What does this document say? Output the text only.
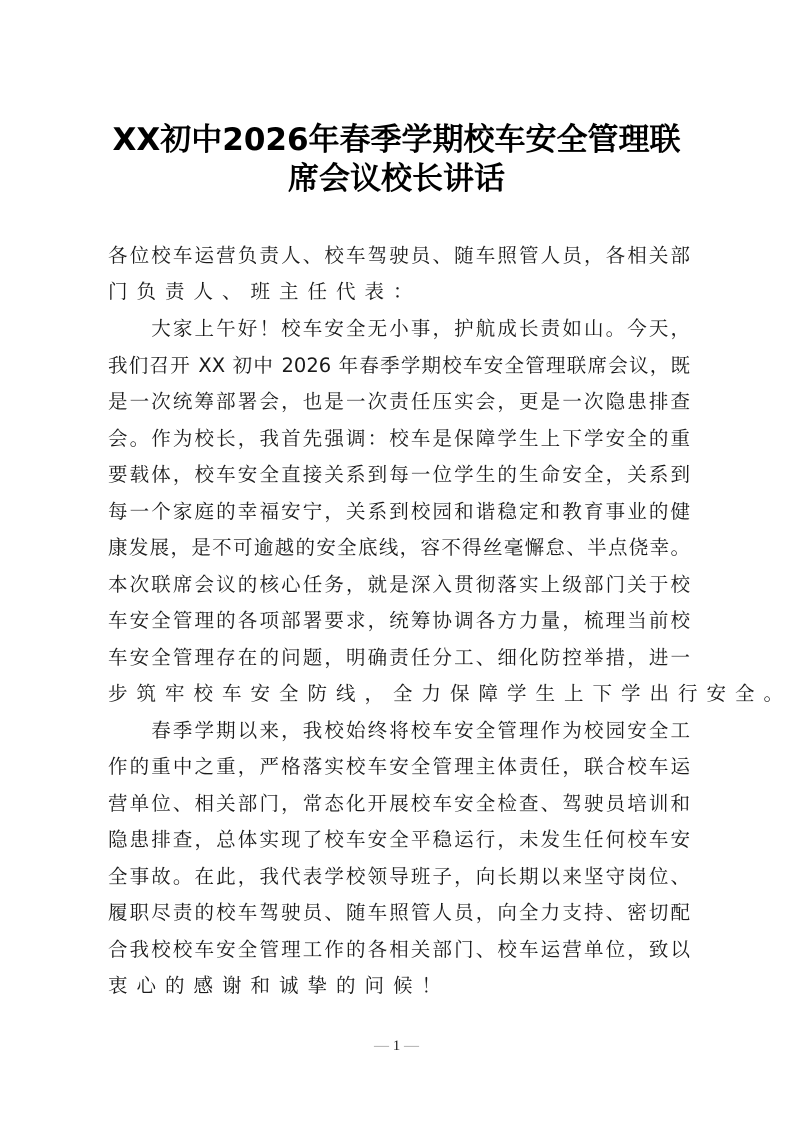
XX初中2026年春季学期校车安全管理联
席会议校长讲话
各位校车运营负责人、校车驾驶员、随车照管人员，各相关部
门负责人、班主任代表：
　　大家上午好！校车安全无小事，护航成长责如山。今天，
我们召开 XX 初中 2026 年春季学期校车安全管理联席会议，既
是一次统筹部署会，也是一次责任压实会，更是一次隐患排查
会。作为校长，我首先强调：校车是保障学生上下学安全的重
要载体，校车安全直接关系到每一位学生的生命安全，关系到
每一个家庭的幸福安宁，关系到校园和谐稳定和教育事业的健
康发展，是不可逾越的安全底线，容不得丝毫懈怠、半点侥幸。
本次联席会议的核心任务，就是深入贯彻落实上级部门关于校
车安全管理的各项部署要求，统筹协调各方力量，梳理当前校
车安全管理存在的问题，明确责任分工、细化防控举措，进一
步筑牢校车安全防线，全力保障学生上下学出行安全。
　　春季学期以来，我校始终将校车安全管理作为校园安全工
作的重中之重，严格落实校车安全管理主体责任，联合校车运
营单位、相关部门，常态化开展校车安全检查、驾驶员培训和
隐患排查，总体实现了校车安全平稳运行，未发生任何校车安
全事故。在此，我代表学校领导班子，向长期以来坚守岗位、
履职尽责的校车驾驶员、随车照管人员，向全力支持、密切配
合我校校车安全管理工作的各相关部门、校车运营单位，致以
衷心的感谢和诚挚的问候！
— 1 —
